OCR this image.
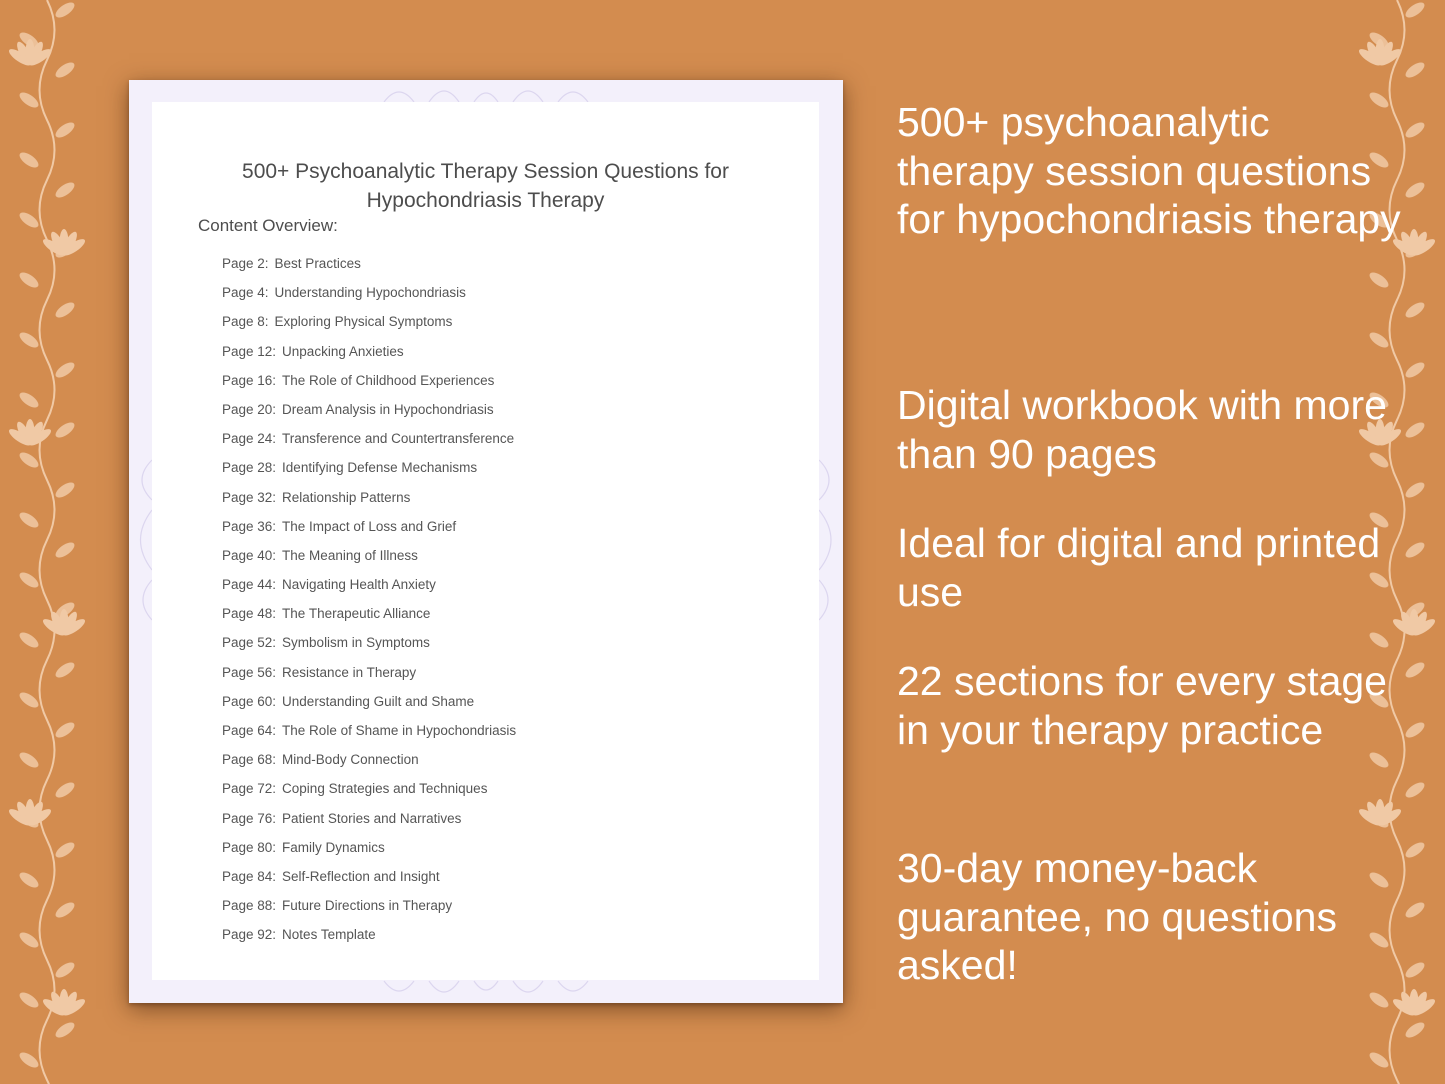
500+ Psychoanalytic Therapy Session Questions for Hypochondriasis Therapy
Content Overview:
Page 2: Best Practices
Page 4: Understanding Hypochondriasis
Page 8: Exploring Physical Symptoms
Page 12: Unpacking Anxieties
Page 16: The Role of Childhood Experiences
Page 20: Dream Analysis in Hypochondriasis
Page 24: Transference and Countertransference
Page 28: Identifying Defense Mechanisms
Page 32: Relationship Patterns
Page 36: The Impact of Loss and Grief
Page 40: The Meaning of Illness
Page 44: Navigating Health Anxiety
Page 48: The Therapeutic Alliance
Page 52: Symbolism in Symptoms
Page 56: Resistance in Therapy
Page 60: Understanding Guilt and Shame
Page 64: The Role of Shame in Hypochondriasis
Page 68: Mind-Body Connection
Page 72: Coping Strategies and Techniques
Page 76: Patient Stories and Narratives
Page 80: Family Dynamics
Page 84: Self-Reflection and Insight
Page 88: Future Directions in Therapy
Page 92: Notes Template

500+ psychoanalytic therapy session questions for hypochondriasis therapy

Digital workbook with more than 90 pages

Ideal for digital and printed use

22 sections for every stage in your therapy practice

30-day money-back guarantee, no questions asked!
